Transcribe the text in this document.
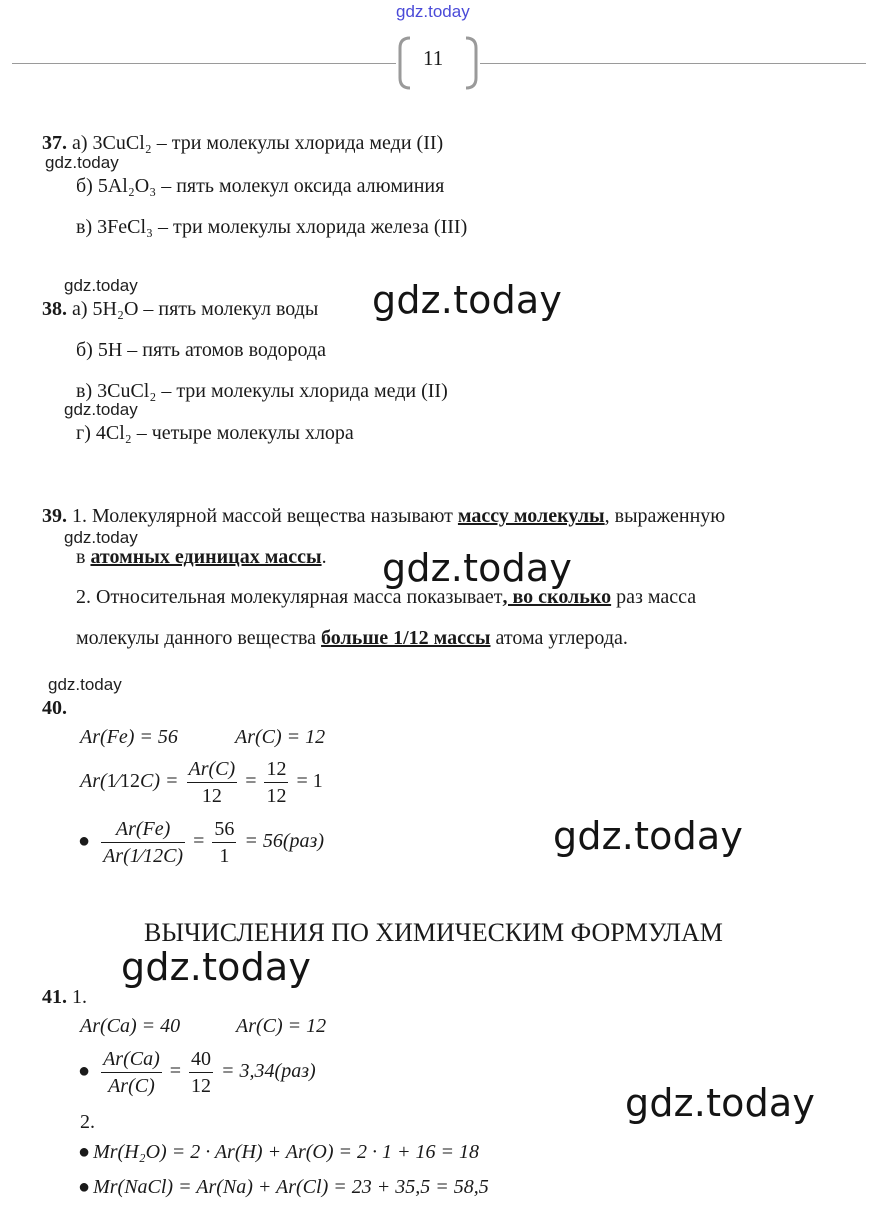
gdz.today
11
37. а) 3CuCl₂ – три молекулы хлорида меди (II)
gdz.today
б) 5Al₂O₃ – пять молекул оксида алюминия
в) 3FeCl₃ – три молекулы хлорида железа (III)
gdz.today
38. а) 5H₂O – пять молекул воды gdz.today
б) 5H – пять атомов водорода
в) 3CuCl₂ – три молекулы хлорида меди (II)
gdz.today
г) 4Cl₂ – четыре молекулы хлора
39. 1. Молекулярной массой вещества называют массу молекулы, выраженную
gdz.today
в атомных единицах массы. gdz.today
2. Относительная молекулярная масса показывает, во сколько раз масса
молекулы данного вещества больше 1/12 массы атома углерода.
gdz.today
40.
Ar(Fe) = 56	Ar(C) = 12
Ar(1⁄12C) = $\frac{Ar(C)}{12} = \frac{12}{12} = 1$
● $\frac{Ar(Fe)}{Ar(1⁄12C)} = \frac{56}{1} = 56(раз)$	gdz.today
ВЫЧИСЛЕНИЯ ПО ХИМИЧЕСКИМ ФОРМУЛАМ
gdz.today
41. 1.
Ar(Ca) = 40	Ar(C) = 12
● $\frac{Ar(Ca)}{Ar(C)} = \frac{40}{12} = 3,34(раз)$
gdz.today
2.
● Mr(H₂O) = 2 · Ar(H) + Ar(O) = 2 · 1 + 16 = 18
● Mr(NaCl) = Ar(Na) + Ar(Cl) = 23 + 35,5 = 58,5
